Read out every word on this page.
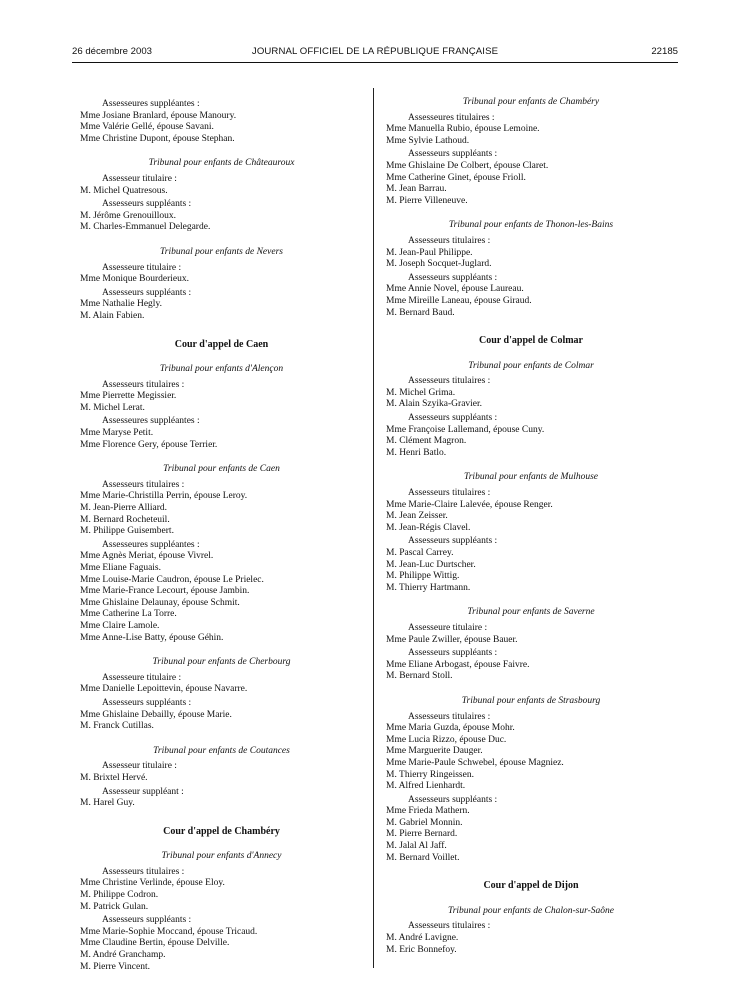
26 décembre 2003	JOURNAL OFFICIEL DE LA RÉPUBLIQUE FRANÇAISE	22185
Assesseures suppléantes :
Mme Josiane Branlard, épouse Manoury.
Mme Valérie Gellé, épouse Savani.
Mme Christine Dupont, épouse Stephan.
Tribunal pour enfants de Châteauroux
Assesseur titulaire :
M. Michel Quatresous.
Assesseurs suppléants :
M. Jérôme Grenouilloux.
M. Charles-Emmanuel Delegarde.
Tribunal pour enfants de Nevers
Assesseure titulaire :
Mme Monique Bourderieux.
Assesseurs suppléants :
Mme Nathalie Hegly.
M. Alain Fabien.
Cour d'appel de Caen
Tribunal pour enfants d'Alençon
Assesseurs titulaires :
Mme Pierrette Megissier.
M. Michel Lerat.
Assesseures suppléantes :
Mme Maryse Petit.
Mme Florence Gery, épouse Terrier.
Tribunal pour enfants de Caen
Assesseurs titulaires :
Mme Marie-Christilla Perrin, épouse Leroy.
M. Jean-Pierre Alliard.
M. Bernard Rocheteuil.
M. Philippe Guisembert.
Assesseures suppléantes :
Mme Agnès Meriat, épouse Vivrel.
Mme Eliane Faguais.
Mme Louise-Marie Caudron, épouse Le Prielec.
Mme Marie-France Lecourt, épouse Jambin.
Mme Ghislaine Delaunay, épouse Schmit.
Mme Catherine La Torre.
Mme Claire Lamole.
Mme Anne-Lise Batty, épouse Géhin.
Tribunal pour enfants de Cherbourg
Assesseure titulaire :
Mme Danielle Lepoittevin, épouse Navarre.
Assesseurs suppléants :
Mme Ghislaine Debailly, épouse Marie.
M. Franck Cutillas.
Tribunal pour enfants de Coutances
Assesseur titulaire :
M. Brixtel Hervé.
Assesseur suppléant :
M. Harel Guy.
Cour d'appel de Chambéry
Tribunal pour enfants d'Annecy
Assesseurs titulaires :
Mme Christine Verlinde, épouse Eloy.
M. Philippe Codron.
M. Patrick Gulan.
Assesseurs suppléants :
Mme Marie-Sophie Moccand, épouse Tricaud.
Mme Claudine Bertin, épouse Delville.
M. André Granchamp.
M. Pierre Vincent.
Tribunal pour enfants de Chambéry
Assesseures titulaires :
Mme Manuella Rubio, épouse Lemoine.
Mme Sylvie Lathoud.
Assesseurs suppléants :
Mme Ghislaine De Colbert, épouse Claret.
Mme Catherine Ginet, épouse Frioll.
M. Jean Barrau.
M. Pierre Villeneuve.
Tribunal pour enfants de Thonon-les-Bains
Assesseurs titulaires :
M. Jean-Paul Philippe.
M. Joseph Socquet-Juglard.
Assesseurs suppléants :
Mme Annie Novel, épouse Laureau.
Mme Mireille Laneau, épouse Giraud.
M. Bernard Baud.
Cour d'appel de Colmar
Tribunal pour enfants de Colmar
Assesseurs titulaires :
M. Michel Grima.
M. Alain Szyika-Gravier.
Assesseurs suppléants :
Mme Françoise Lallemand, épouse Cuny.
M. Clément Magron.
M. Henri Batlo.
Tribunal pour enfants de Mulhouse
Assesseurs titulaires :
Mme Marie-Claire Lalevée, épouse Renger.
M. Jean Zeisser.
M. Jean-Régis Clavel.
Assesseurs suppléants :
M. Pascal Carrey.
M. Jean-Luc Durtscher.
M. Philippe Wittig.
M. Thierry Hartmann.
Tribunal pour enfants de Saverne
Assesseure titulaire :
Mme Paule Zwiller, épouse Bauer.
Assesseurs suppléants :
Mme Eliane Arbogast, épouse Faivre.
M. Bernard Stoll.
Tribunal pour enfants de Strasbourg
Assesseurs titulaires :
Mme Maria Guzda, épouse Mohr.
Mme Lucia Rizzo, épouse Duc.
Mme Marguerite Dauger.
Mme Marie-Paule Schwebel, épouse Magniez.
M. Thierry Ringeissen.
M. Alfred Lienhardt.
Assesseurs suppléants :
Mme Frieda Mathern.
M. Gabriel Monnin.
M. Pierre Bernard.
M. Jalal Al Jaff.
M. Bernard Voillet.
Cour d'appel de Dijon
Tribunal pour enfants de Chalon-sur-Saône
Assesseurs titulaires :
M. André Lavigne.
M. Eric Bonnefoy.
